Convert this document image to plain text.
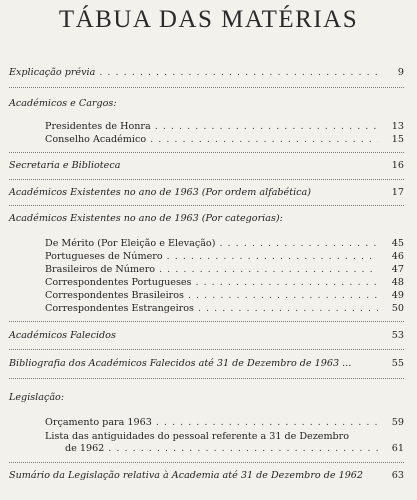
TÁBUA DAS MATÉRIAS
Explicação prévia . . .	9
Académicos e Cargos:
Presidentes de Honra . . .	13
Conselho Académico . . .	15
Secretaria e Biblioteca	16
Académicos Existentes no ano de 1963 (Por ordem alfabética)	17
Académicos Existentes no ano de 1963 (Por categorias):
De Mérito (Por Eleição e Elevação) . . .	45
Portugueses de Número . . .	46
Brasileiros de Número . . .	47
Correspondentes Portugueses . . .	48
Correspondentes Brasileiros . . .	49
Correspondentes Estrangeiros . . .	50
Académicos Falecidos	53
Bibliografia dos Académicos Falecidos até 31 de Dezembro de 1963 ...	55
Legislação:
Orçamento para 1963 . . .	59
Lista das antiguidades do pessoal referente a 31 de Dezembro
de 1962 . . .	61
Sumário da Legislação relativa à Academia até 31 de Dezembro de 1962	63
